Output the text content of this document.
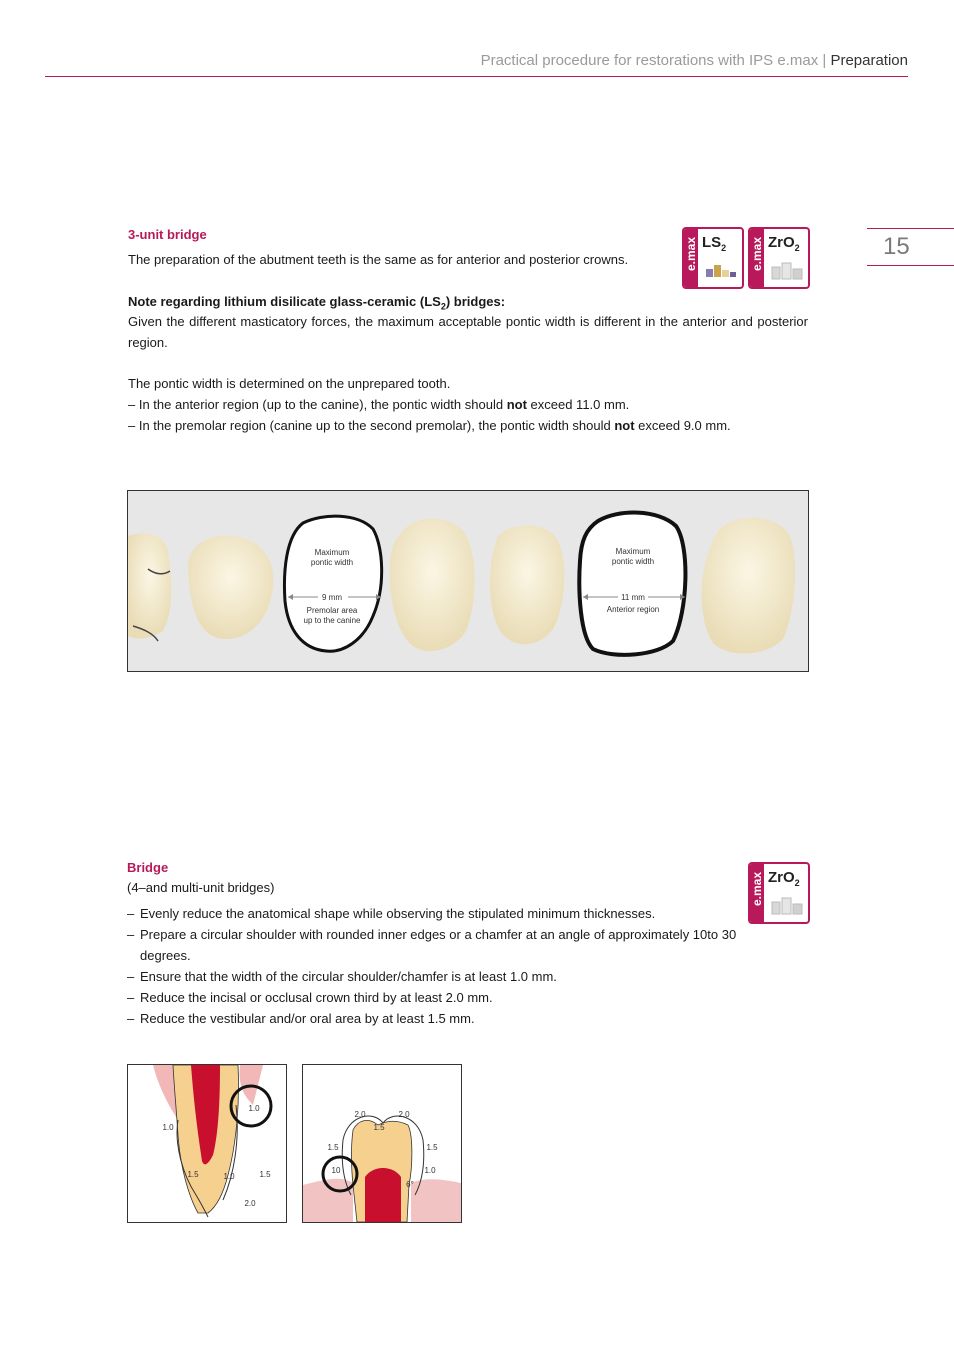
Practical procedure for restorations with IPS e.max | Preparation
15
3-unit bridge
The preparation of the abutment teeth is the same as for anterior and posterior crowns.	e.max $LS_2$ e.max ZrO$_2$
Note regarding lithium disilicate glass-ceramic $(LS_2)$ bridges:
Given the different masticatory forces, the maximum acceptable pontic width is different in the anterior and posterior region.
The pontic width is determined on the unprepared tooth.
– In the anterior region (up to the canine), the pontic width should not exceed 11.0 mm.
– In the premolar region (canine up to the second premolar), the pontic width should not exceed 9.0 mm.
Maximum
pontic width
9 mm
Premolar area
up to the canine
Maximum
pontic width
11 mm
Anterior region
Bridge
(4–and multi-unit bridges)	e.max ZrO$_2$
– Evenly reduce the anatomical shape while observing the stipulated minimum thicknesses.
– Prepare a circular shoulder with rounded inner edges or a chamfer at an angle of approximately 10to 30 degrees.
– Ensure that the width of the circular shoulder/chamfer is at least 1.0 mm.
– Reduce the incisal or occlusal crown third by at least 2.0 mm.
– Reduce the vestibular and/or oral area by at least 1.5 mm.
1.0
1.0
1.5	1.0	1.5
2.0
2.0	2.0
1.5
1.5	1.5
10	1.0
6°
